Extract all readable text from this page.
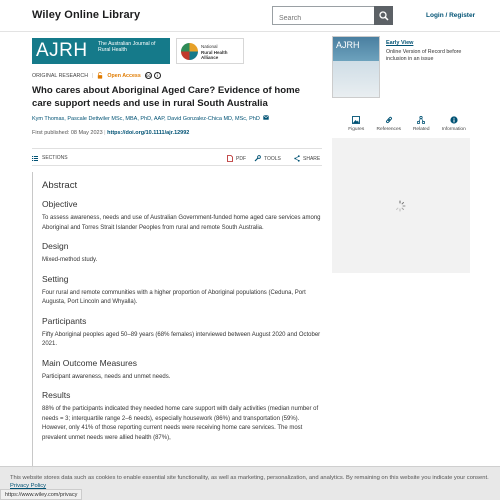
Wiley Online Library
Search	Login / Register
AJRH The Australian Journal of Rural Health
National
Rural Health
Alliance
ORIGINAL RESEARCH |	Open Access cc	i
Who cares about Aboriginal Aged Care? Evidence of home care support needs and use in rural South Australia
Kym Thomas, Pascale Dettwiler MSc, MBA, PhD, AAP, David Gonzalez-Chica MD, MSc, PhD
First published: 08 May 2023 | https://doi.org/10.1111/ajr.12992
AJRH	Early View
Online Version of Record before inclusion in an issue
Figures	References Related	Information
SECTIONS	PDF	TOOLS	SHARE
Abstract
Objective
To assess awareness, needs and use of Australian Government-funded home aged care services among Aboriginal and Torres Strait Islander Peoples from rural and remote South Australia.
Design
Mixed-method study.
Setting
Four rural and remote communities with a higher proportion of Aboriginal populations (Ceduna, Port Augusta, Port Lincoln and Whyalla).
Participants
Fifty Aboriginal peoples aged 50–89 years (68% females) interviewed between August 2020 and October 2021.
Main Outcome Measures
Participant awareness, needs and unmet needs.
Results
88% of the participants indicated they needed home care support with daily activities (median number of needs = 3; interquartile range 2–6 needs), especially housework (86%) and transportation (59%). However, only 41% of those reporting current needs were receiving home care services. The most prevalent unmet needs were allied health (87%),
This website stores data such as cookies to enable essential site functionality, as well as marketing, personalization, and analytics. By remaining on this website you indicate your consent. Privacy Policy
https://www.wiley.com/privacy
